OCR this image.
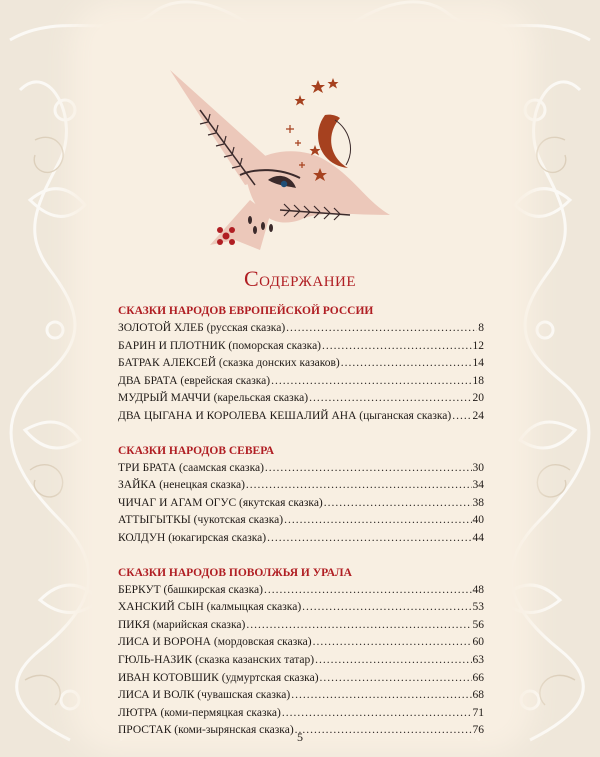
Содержание
СКАЗКИ НАРОДОВ ЕВРОПЕЙСКОЙ РОССИИ
ЗОЛОТОЙ ХЛЕБ (русская сказка) .....	8
БАРИН И ПЛОТНИК (поморская сказка) .....	12
БАТРАК АЛЕКСЕЙ (сказка донских казаков) .....	14
ДВА БРАТА (еврейская сказка) .....	18
МУДРЫЙ МАЧЧИ (карельская сказка) .....	20
ДВА ЦЫГАНА И КОРОЛЕВА КЕШАЛИЙ АНА (цыганская сказка) ..... 24
СКАЗКИ НАРОДОВ СЕВЕРА
ТРИ БРАТА (саамская сказка) .....	30
ЗАЙКА (ненецкая сказка) .....	34
ЧИЧАГ И АГАМ ОГУС (якутская сказка) .....	38
АТТЫГЫТКЫ (чукотская сказка) .....	40
КОЛДУН (юкагирская сказка) .....	44
СКАЗКИ НАРОДОВ ПОВОЛЖЬЯ И УРАЛА
БЕРКУТ (башкирская сказка) .....	48
ХАНСКИЙ СЫН (калмыцкая сказка) .....	53
ПИКЯ (марийская сказка) .....	56
ЛИСА И ВОРОНА (мордовская сказка) .....	60
ГЮЛЬ-НАЗИК (сказка казанских татар) .....	63
ИВАН КОТОВШИК (удмуртская сказка) .....	66
ЛИСА И ВОЛК (чувашская сказка) .....	68
ЛЮТРА (коми-пермяцкая сказка) .....	71
ПРОСТАК (коми-зырянская сказка) .....	76
5
